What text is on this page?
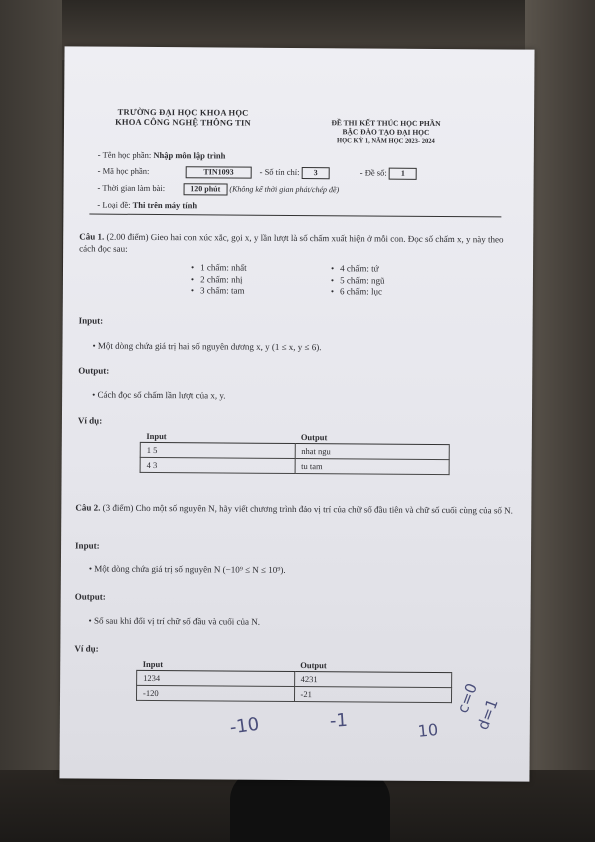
TRƯỜNG ĐẠI HỌC KHOA HỌC
KHOA CÔNG NGHỆ THÔNG TIN	ĐỀ THI KẾT THÚC HỌC PHẦN
BẬC ĐÀO TẠO ĐẠI HỌC
HỌC KỲ 1, NĂM HỌC 2023- 2024
- Tên học phần: Nhập môn lập trình
- Mã học phần:	TIN1093	- Số tín chỉ: 3	- Đề số: 1
- Thời gian làm bài:	120 phút (Không kể thời gian phát/chép đề)
- Loại đề: Thi trên máy tính
Câu 1. (2.00 điểm) Gieo hai con xúc xắc, gọi x, y lần lượt là số chấm xuất hiện ở mỗi con. Đọc số chấm x, y này theo cách đọc sau:
• 1 chấm: nhất
• 2 chấm: nhị
• 3 chấm: tam
• 4 chấm: tứ
• 5 chấm: ngũ
• 6 chấm: lục
Input:
• Một dòng chứa giá trị hai số nguyên dương x, y (1 ≤ x, y ≤ 6).
Output:
• Cách đọc số chấm lần lượt của x, y.
Ví dụ:
Input	Output
1 5	nhat ngu
4 3	tu tam
Câu 2. (3 điểm) Cho một số nguyên N, hãy viết chương trình đảo vị trí của chữ số đầu tiên và chữ số cuối cùng của số N.
Input:
• Một dòng chứa giá trị số nguyên N (−10⁹ ≤ N ≤ 10⁹).
Output:
• Số sau khi đổi vị trí chữ số đầu và cuối của N.
Ví dụ:
Input	Output
1234	4231
-120	-21
-10	-1	10
c=0
d=1
